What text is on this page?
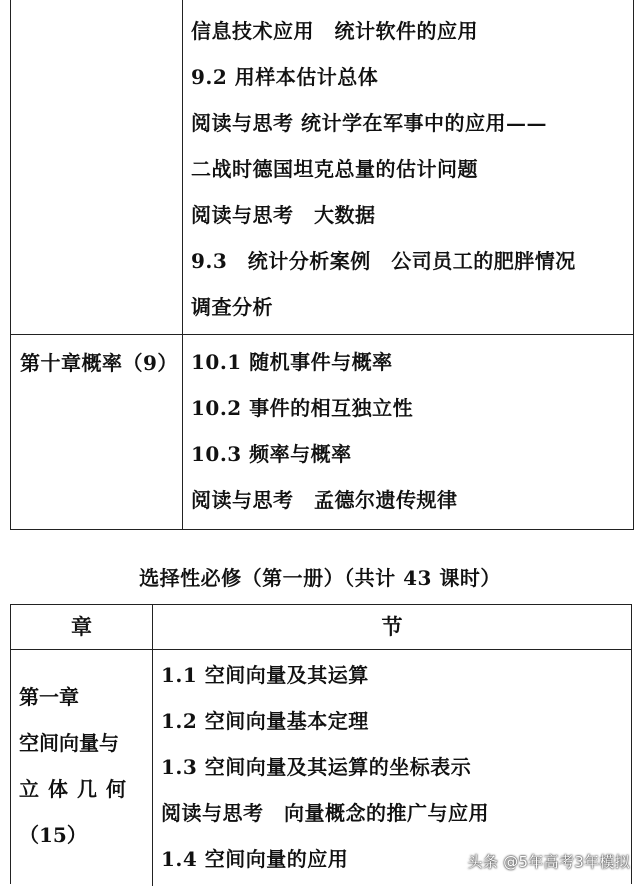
信息技术应用　统计软件的应用
9.2 用样本估计总体
阅读与思考 统计学在军事中的应用——
二战时德国坦克总量的估计问题
阅读与思考　大数据
9.3　统计分析案例　公司员工的肥胖情况
调查分析
第十章概率（9） 10.1 随机事件与概率
10.2 事件的相互独立性
10.3 频率与概率
阅读与思考　孟德尔遗传规律
选择性必修（第一册）（共计 43 课时）
章	节
第一章
空间向量与
立体几何
（15）
1.1 空间向量及其运算
1.2 空间向量基本定理
1.3 空间向量及其运算的坐标表示
阅读与思考　向量概念的推广与应用
1.4 空间向量的应用	头条 @5年高考3年模拟
